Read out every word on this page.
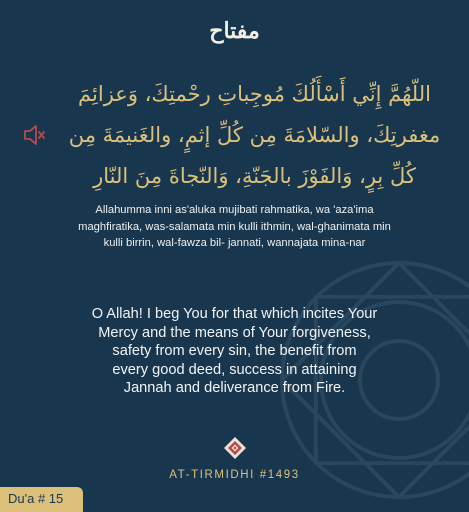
مفتاح
اللّهُمَّ إِنِّي أَسْأَلُكَ مُوجِباتِ رحْمتِكَ، وَعزائِمَ
مغفرتِكَ، والسّلامَةَ مِن كُلِّ إثمٍ، والغَنيمَةَ مِن
كُلِّ بِرٍ، وَالفَوْزَ بالجَنّةِ، وَالنّجاةَ مِنَ النّارِ
Allahumma inni as'aluka mujibati rahmatika, wa 'aza'ima
maghfiratika, was-salamata min kulli ithmin, wal-ghanimata min
kulli birrin, wal-fawza bil- jannati, wannajata mina-nar
O Allah! I beg You for that which incites Your
Mercy and the means of Your forgiveness,
safety from every sin, the benefit from
every good deed, success in attaining
Jannah and deliverance from Fire.
AT-TIRMIDHI #1493
Du'a # 15
